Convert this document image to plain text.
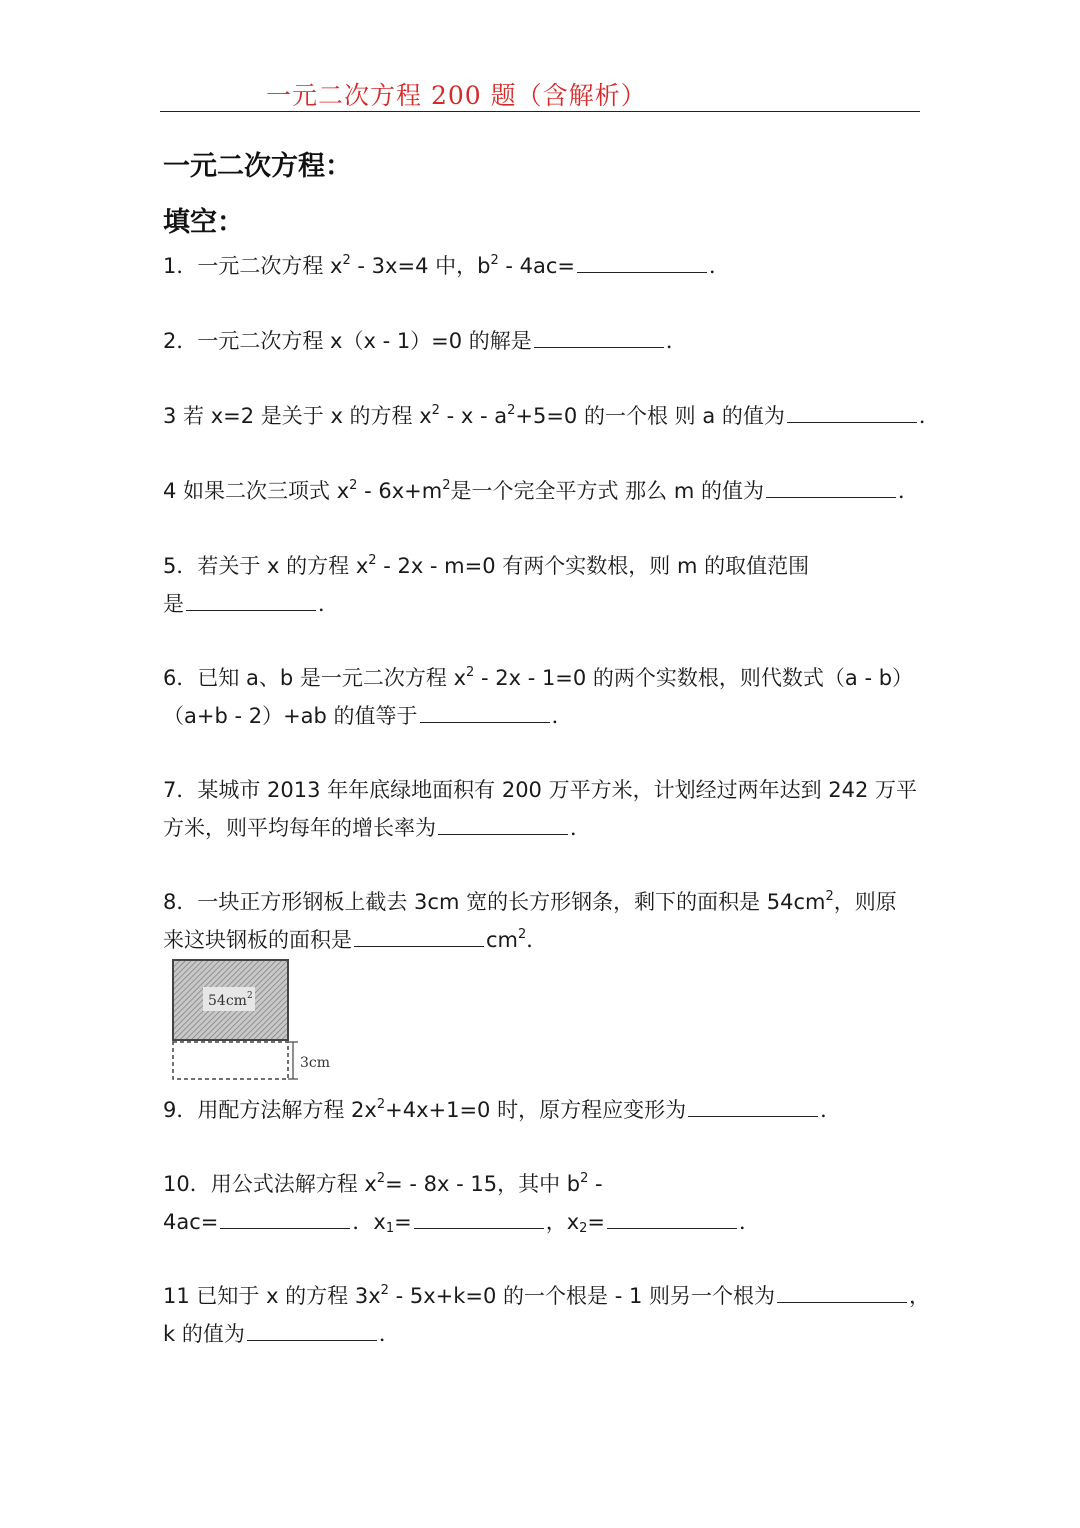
一元二次方程 200 题（含解析）
一元二次方程：
填空：
1．一元二次方程 $x^2 - 3x=4$ 中，$b^2 - 4ac=$	．
2．一元二次方程 x（x - 1）=0 的解是	．
3 若 x=2 是关于 x 的方程 $x^2 - x - a^2+5=0$ 的一个根 则 a 的值为	．
4 如果二次三项式 $x^2 - 6x+m^2$是一个完全平方式 那么 m 的值为	．
5．若关于 x 的方程 $x^2 - 2x - m=0$ 有两个实数根，则 m 的取值范围
是	．
6．已知 a、b 是一元二次方程 $x^2 - 2x - 1=0$ 的两个实数根，则代数式（a - b）
（a+b - 2）+ab 的值等于	．
7．某城市 2013 年年底绿地面积有 200 万平方米，计划经过两年达到 242 万平
方米，则平均每年的增长率为	．
8．一块正方形钢板上截去 3cm 宽的长方形钢条，剩下的面积是 $54cm^2$，则原
来这块钢板的面积是	$cm^2$．
$54cm^2$
3cm
9．用配方法解方程 $2x^2+4x+1=0$ 时，原方程应变形为	．
10．用公式法解方程 $x^2= - 8x - 15$，其中 $b^2$ -
4ac=	．$x_1=$	，$x_2=$	．
11 已知于 x 的方程 $3x^2 - 5x+k=0$ 的一个根是 - 1 则另一个根为	，
k 的值为	．
